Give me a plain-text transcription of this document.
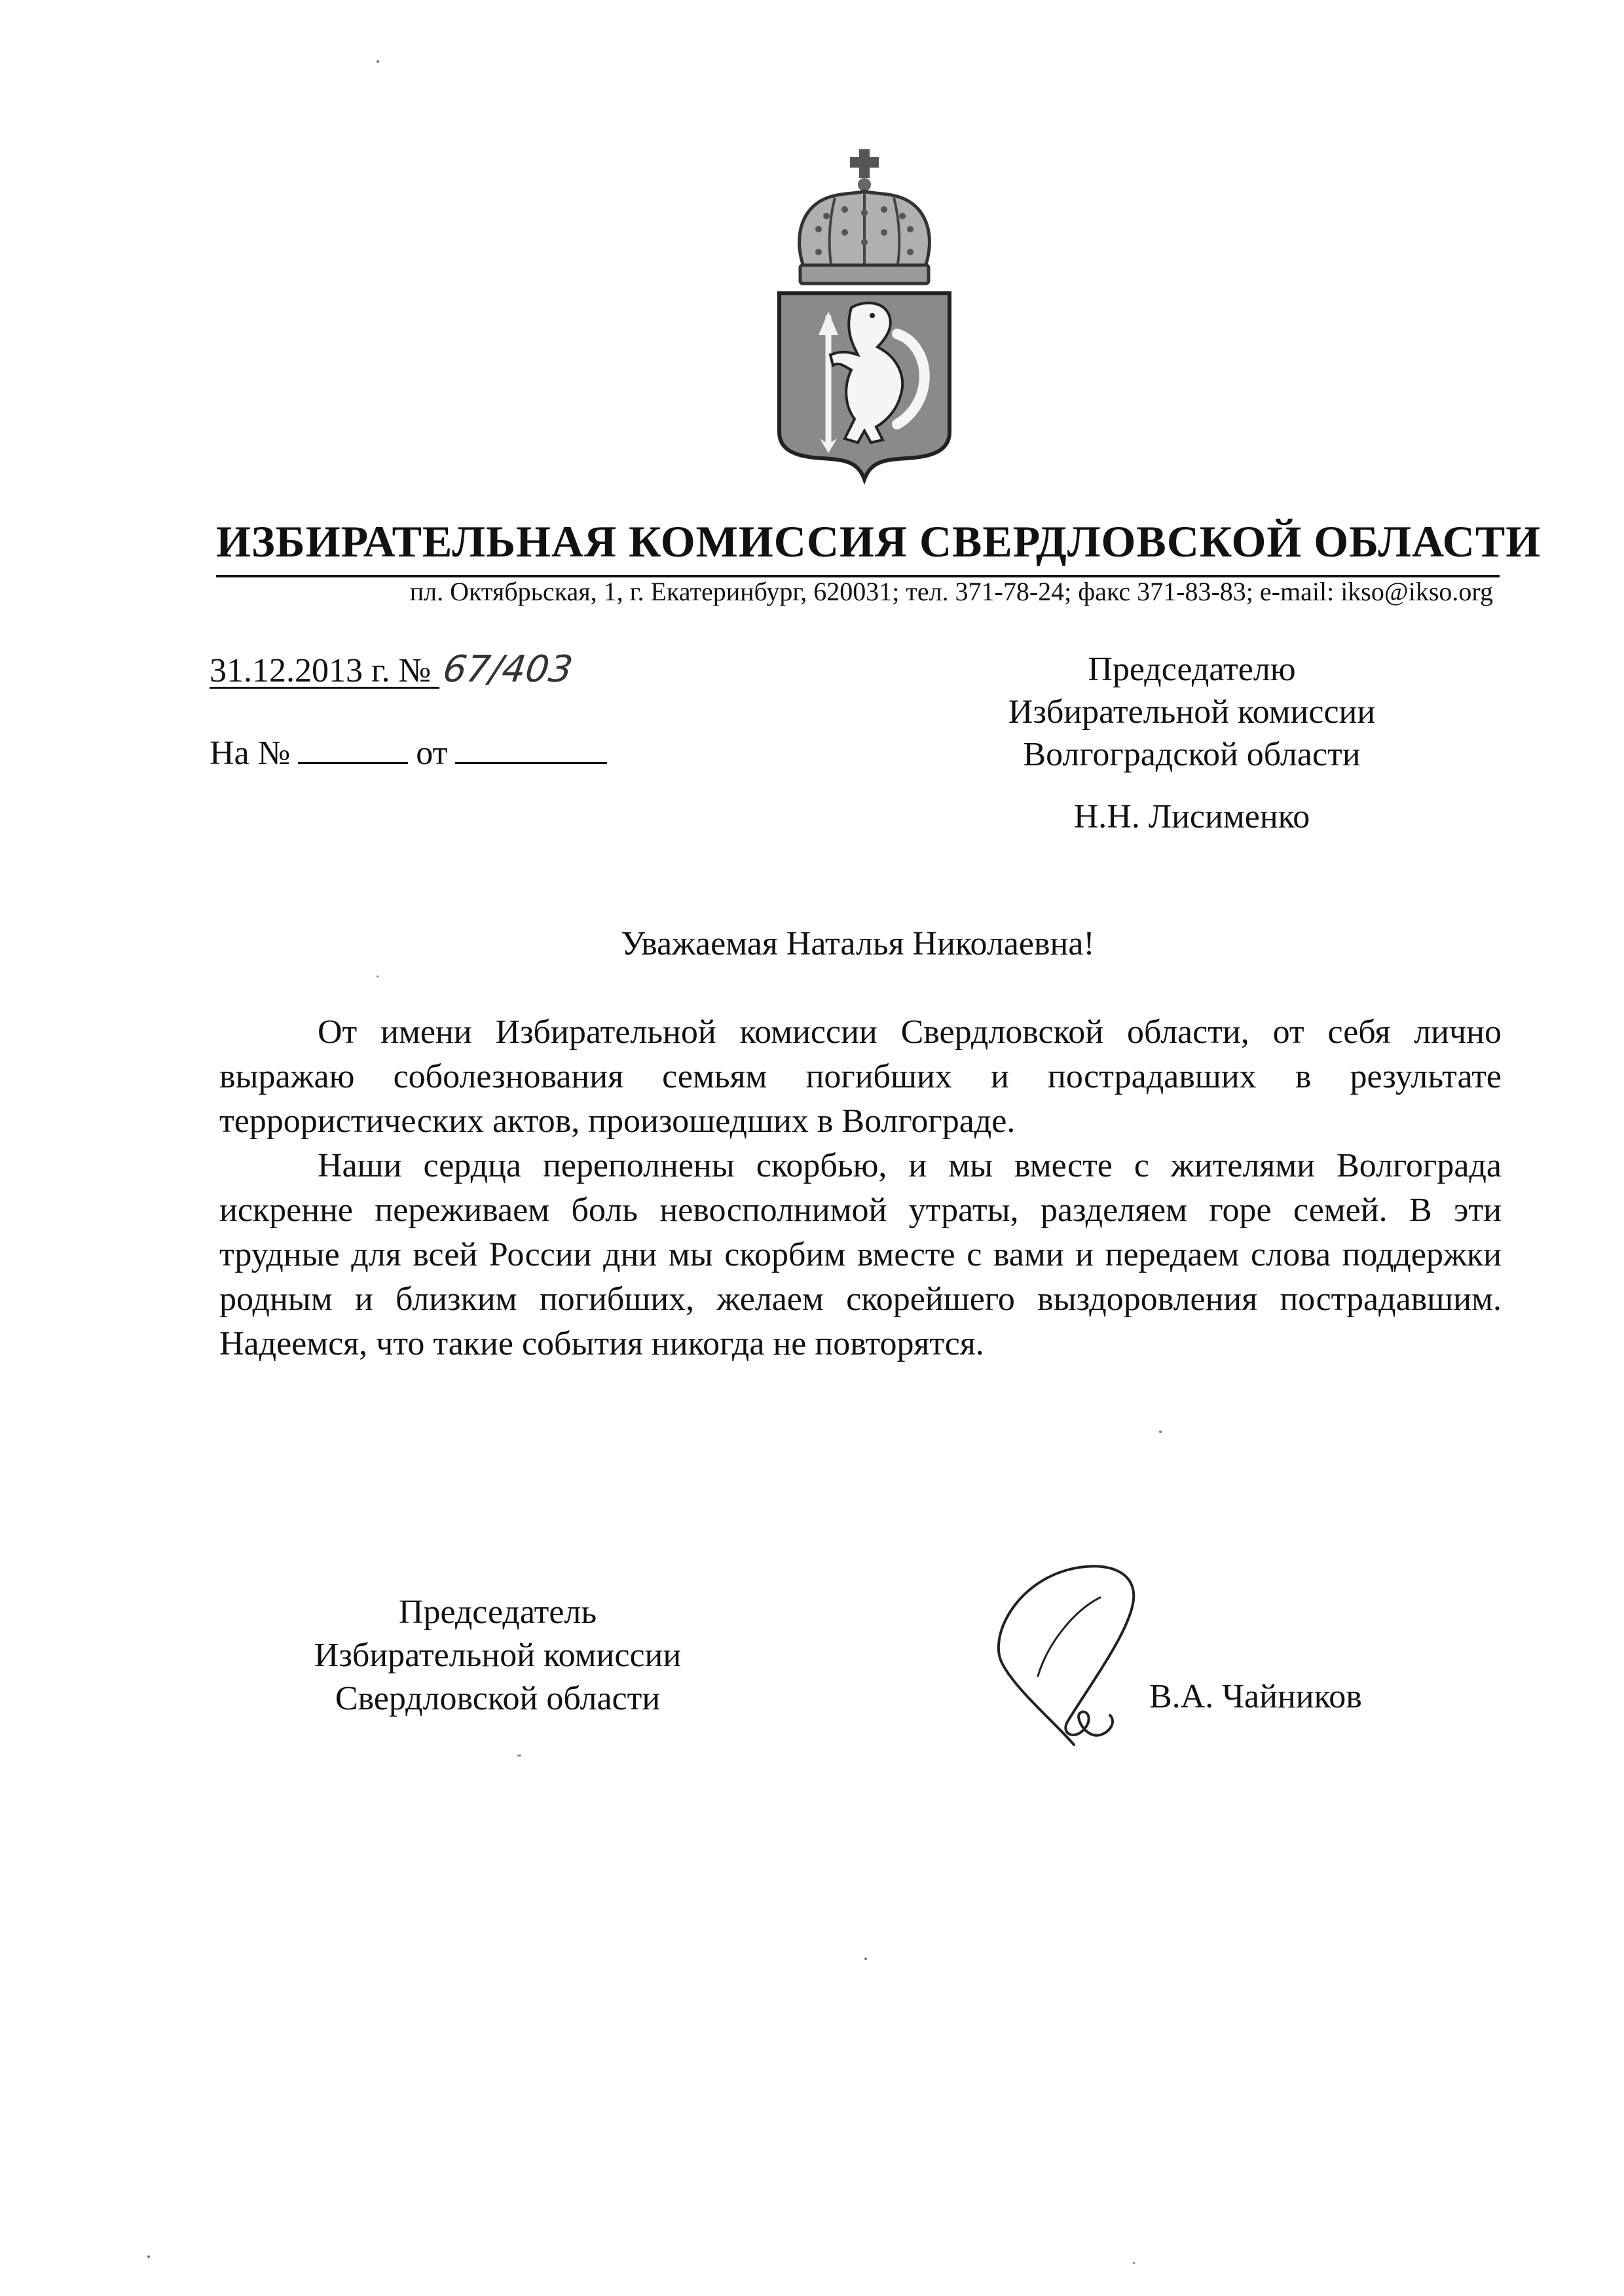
ИЗБИРАТЕЛЬНАЯ КОМИССИЯ СВЕРДЛОВСКОЙ ОБЛАСТИ
пл. Октябрьская, 1, г. Екатеринбург, 620031; тел. 371-78-24; факс 371-83-83; e-mail: ikso@ikso.org
31.12.2013 г. № 67/403
На №	от
Председателю
Избирательной комиссии
Волгоградской области
Н.Н. Лисименко
Уважаемая Наталья Николаевна!

От имени Избирательной комиссии Свердловской области, от себя лично выражаю соболезнования семьям погибших и пострадавших в результате террористических актов, произошедших в Волгограде.

Наши сердца переполнены скорбью, и мы вместе с жителями Волгограда искренне переживаем боль невосполнимой утраты, разделяем горе семей. В эти трудные для всей России дни мы скорбим вместе с вами и передаем слова поддержки родным и близким погибших, желаем скорейшего выздоровления пострадавшим. Надеемся, что такие события никогда не повторятся.

Председатель
Избирательной комиссии
Свердловской области	В.А. Чайников
